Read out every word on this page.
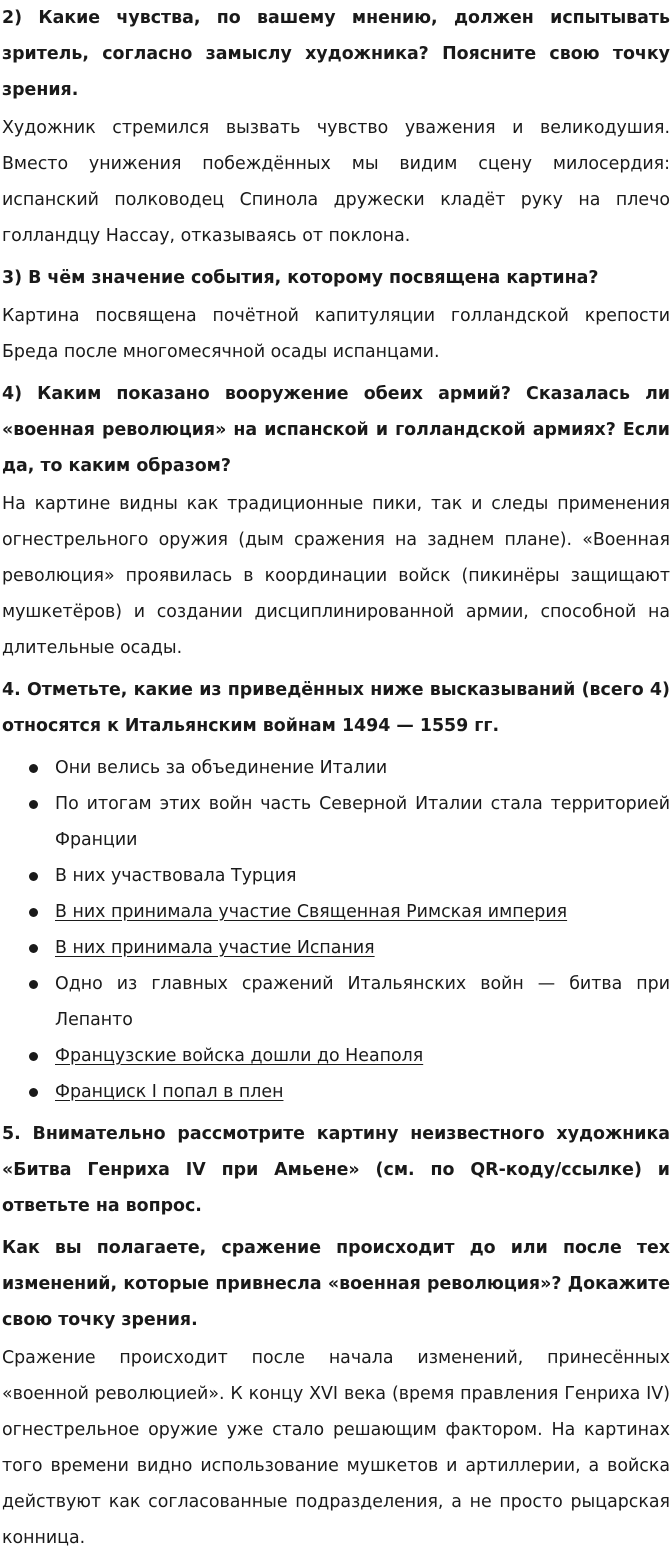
2) Какие чувства, по вашему мнению, должен испытывать зритель, согласно замыслу художника? Поясните свою точку зрения.

Художник стремился вызвать чувство уважения и великодушия. Вместо унижения побеждённых мы видим сцену милосердия: испанский полководец Спинола дружески кладёт руку на плечо голландцу Нассау, отказываясь от поклона.

3) В чём значение события, которому посвящена картина?

Картина посвящена почётной капитуляции голландской крепости Бреда после многомесячной осады испанцами.

4) Каким показано вооружение обеих армий? Сказалась ли «военная революция» на испанской и голландской армиях? Если да, то каким образом?

На картине видны как традиционные пики, так и следы применения огнестрельного оружия (дым сражения на заднем плане). «Военная революция» проявилась в координации войск (пикинёры защищают мушкетёров) и создании дисциплинированной армии, способной на длительные осады.

4. Отметьте, какие из приведённых ниже высказываний (всего 4) относятся к Итальянским войнам 1494 — 1559 гг.

Они велись за объединение Италии
По итогам этих войн часть Северной Италии стала территорией Франции
В них участвовала Турция
В них принимала участие Священная Римская империя
В них принимала участие Испания
Одно из главных сражений Итальянских войн — битва при Лепанто
Французские войска дошли до Неаполя
Франциск I попал в плен

5. Внимательно рассмотрите картину неизвестного художника «Битва Генриха IV при Амьене» (см. по QR-коду/ссылке) и ответьте на вопрос.

Как вы полагаете, сражение происходит до или после тех изменений, которые привнесла «военная революция»? Докажите свою точку зрения.

Сражение происходит после начала изменений, принесённых «военной революцией». К концу XVI века (время правления Генриха IV) огнестрельное оружие уже стало решающим фактором. На картинах того времени видно использование мушкетов и артиллерии, а войска действуют как согласованные подразделения, а не просто рыцарская конница.
